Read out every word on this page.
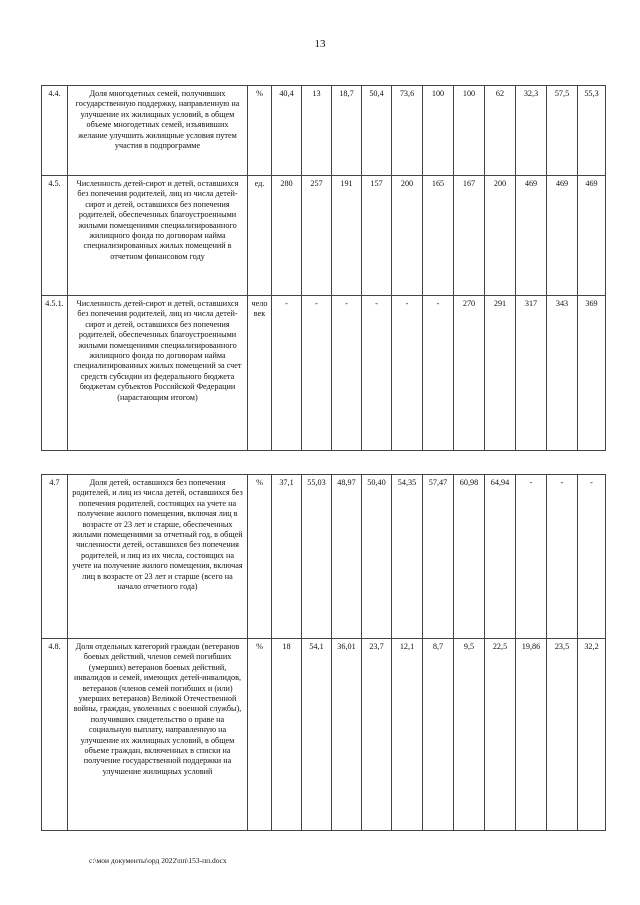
13
4.4.	Доля многодетных семей, получивших государственную поддержку, направленную на улучшение их жилищных условий, в общем объеме многодетных семей, изъявивших желание улучшить жилищные условия путем участия в подпрограмме	%	40,4	13	18,7	50,4	73,6	100	100	62	32,3	57,5	55,3
4.5.	Численность детей-сирот и детей, оставшихся без попечения родителей, лиц из числа детей-сирот и детей, оставшихся без попечения родителей, обеспеченных благоустроенными жилыми помещениями специализированного жилищного фонда по договорам найма специализированных жилых помещений в отчетном финансовом году	ед.	280	257	191	157	200	165	167	200	469	469	469
4.5.1.	Численность детей-сирот и детей, оставшихся без попечения родителей, лиц из числа детей-сирот и детей, оставшихся без попечения родителей, обеспеченных благоустроенными жилыми помещениями специализированного жилищного фонда по договорам найма специализированных жилых помещений за счет средств субсидии из федерального бюджета бюджетам субъектов Российской Федерации (нарастающим итогом)	чело век	-	-	-	-	-	-	270	291	317	343	369
4.7	Доля детей, оставшихся без попечения родителей, и лиц из числа детей, оставшихся без попечения родителей, состоящих на учете на получение жилого помещения, включая лиц в возрасте от 23 лет и старше, обеспеченных жилыми помещениями за отчетный год, в общей численности детей, оставшихся без попечения родителей, и лиц из их числа, состоящих на учете на получение жилого помещения, включая лиц в возрасте от 23 лет и старше (всего на начало отчетного года)	%	37,1	55,03	48,97	50,40	54,35	57,47	60,98	64,94	-	-	-
4.8.	Доля отдельных категорий граждан (ветеранов боевых действий, членов семей погибших (умерших) ветеранов боевых действий, инвалидов и семей, имеющих детей-инвалидов, ветеранов (членов семей погибших и (или) умерших ветеранов) Великой Отечественной войны, граждан, уволенных с военной службы), получивших свидетельство о праве на социальную выплату, направленную на улучшение их жилищных условий, в общем объеме граждан, включенных в списки на получение государственной поддержки на улучшение жилищных условий	%	18	54,1	36,01	23,7	12,1	8,7	9,5	22,5	19,86	23,5	32,2
c:\мои документы\орд 2022\пп\153-пп.docx
